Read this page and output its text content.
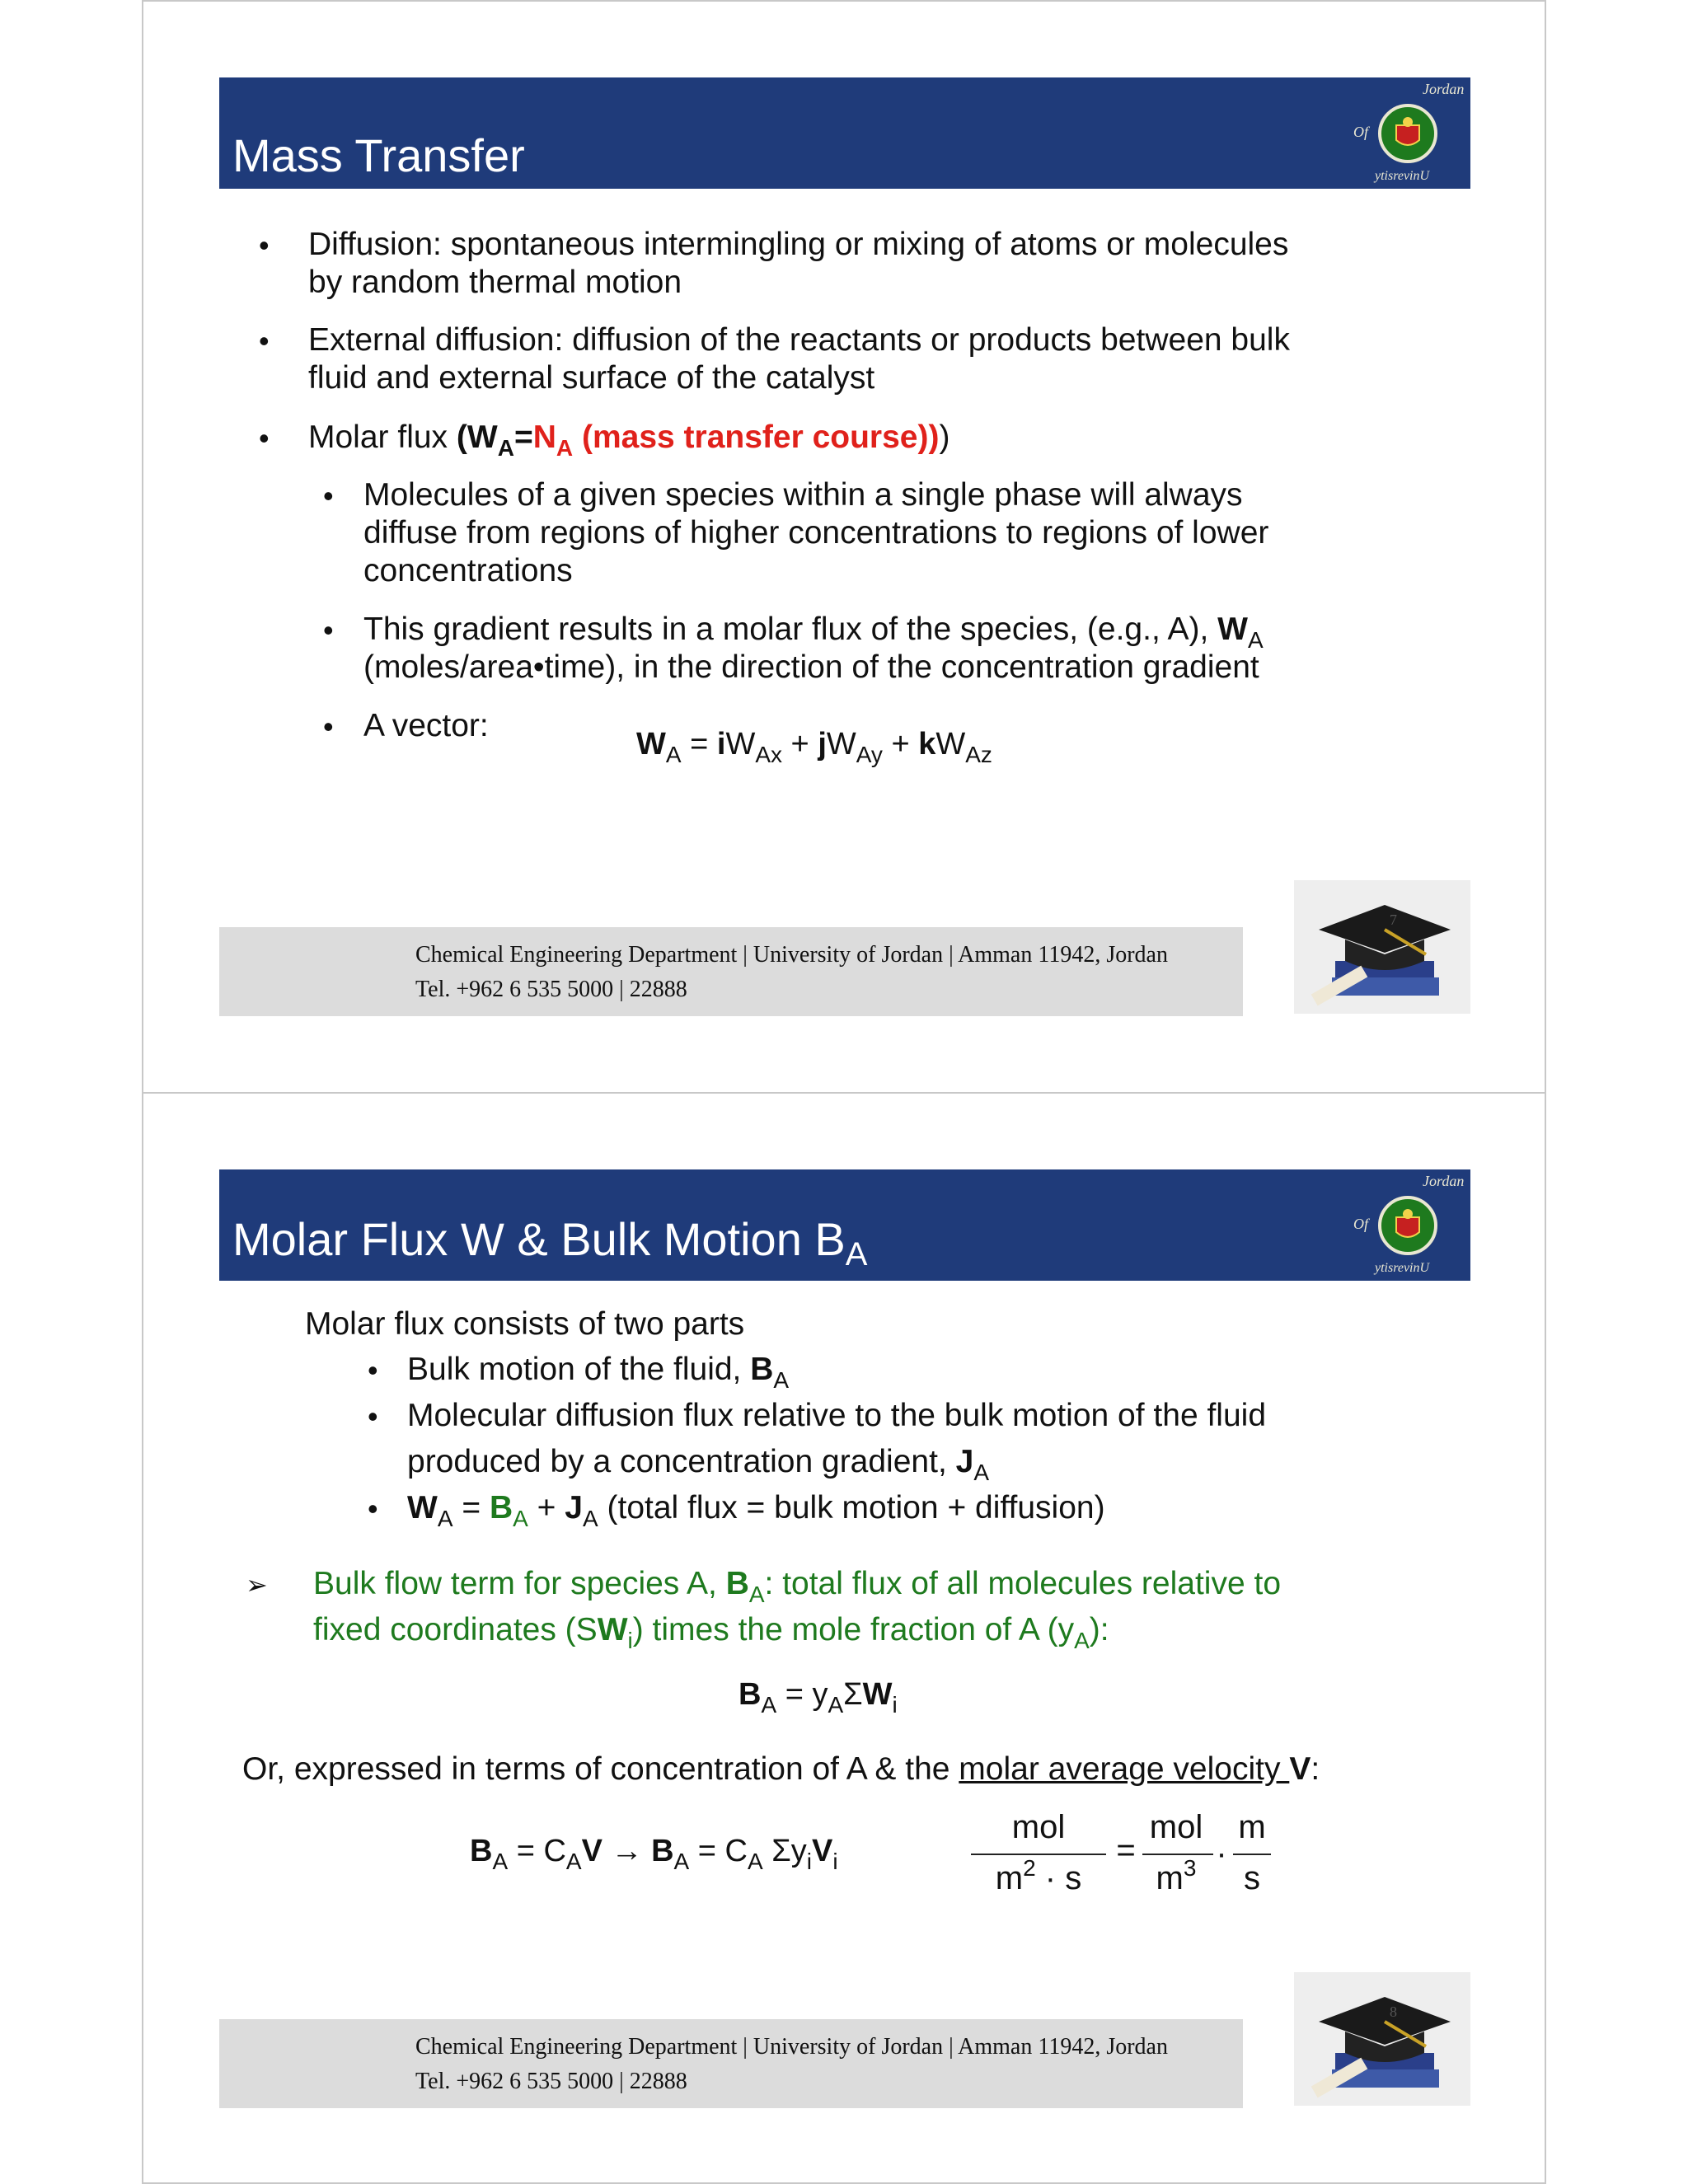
Mass Transfer
Jordan
Of
ytisrevinU
• Diffusion: spontaneous intermingling or mixing of atoms or molecules
by random thermal motion
• External diffusion: diffusion of the reactants or products between bulk
fluid and external surface of the catalyst
• Molar flux ($W_A=N_A$ (mass transfer course)))
• Molecules of a given species within a single phase will always
diffuse from regions of higher concentrations to regions of lower
concentrations
• This gradient results in a molar flux of the species, (e.g., A), $W_A$
(moles/area•time), in the direction of the concentration gradient
• A vector:
$W_A = iW_{Ax} + jW_{Ay} + kW_{Az}$
Chemical Engineering Department | University of Jordan | Amman 11942, Jordan
Tel. +962 6 535 5000 | 22888
7
Molar Flux W & Bulk Motion $B_A$
Jordan
Of
ytisrevinU
Molar flux consists of two parts
• Bulk motion of the fluid, $B_A$
• Molecular diffusion flux relative to the bulk motion of the fluid
produced by a concentration gradient, $J_A$
• $W_A = B_A + J_A$ (total flux = bulk motion + diffusion)
➢ Bulk flow term for species A, $B_A$: total flux of all molecules relative to
fixed coordinates $(SW_i)$ times the mole fraction of A $(y_A)$:
$B_A = y_A\Sigma W_i$
Or, expressed in terms of concentration of A & the molar average velocity V:
$B_A = C_AV \to B_A = C_A$ $\Sigma y_iV_i$
mol
$m^2 \cdot s$
=
mol
$m^3$ ·
m
s
Chemical Engineering Department | University of Jordan | Amman 11942, Jordan
Tel. +962 6 535 5000 | 22888
8
